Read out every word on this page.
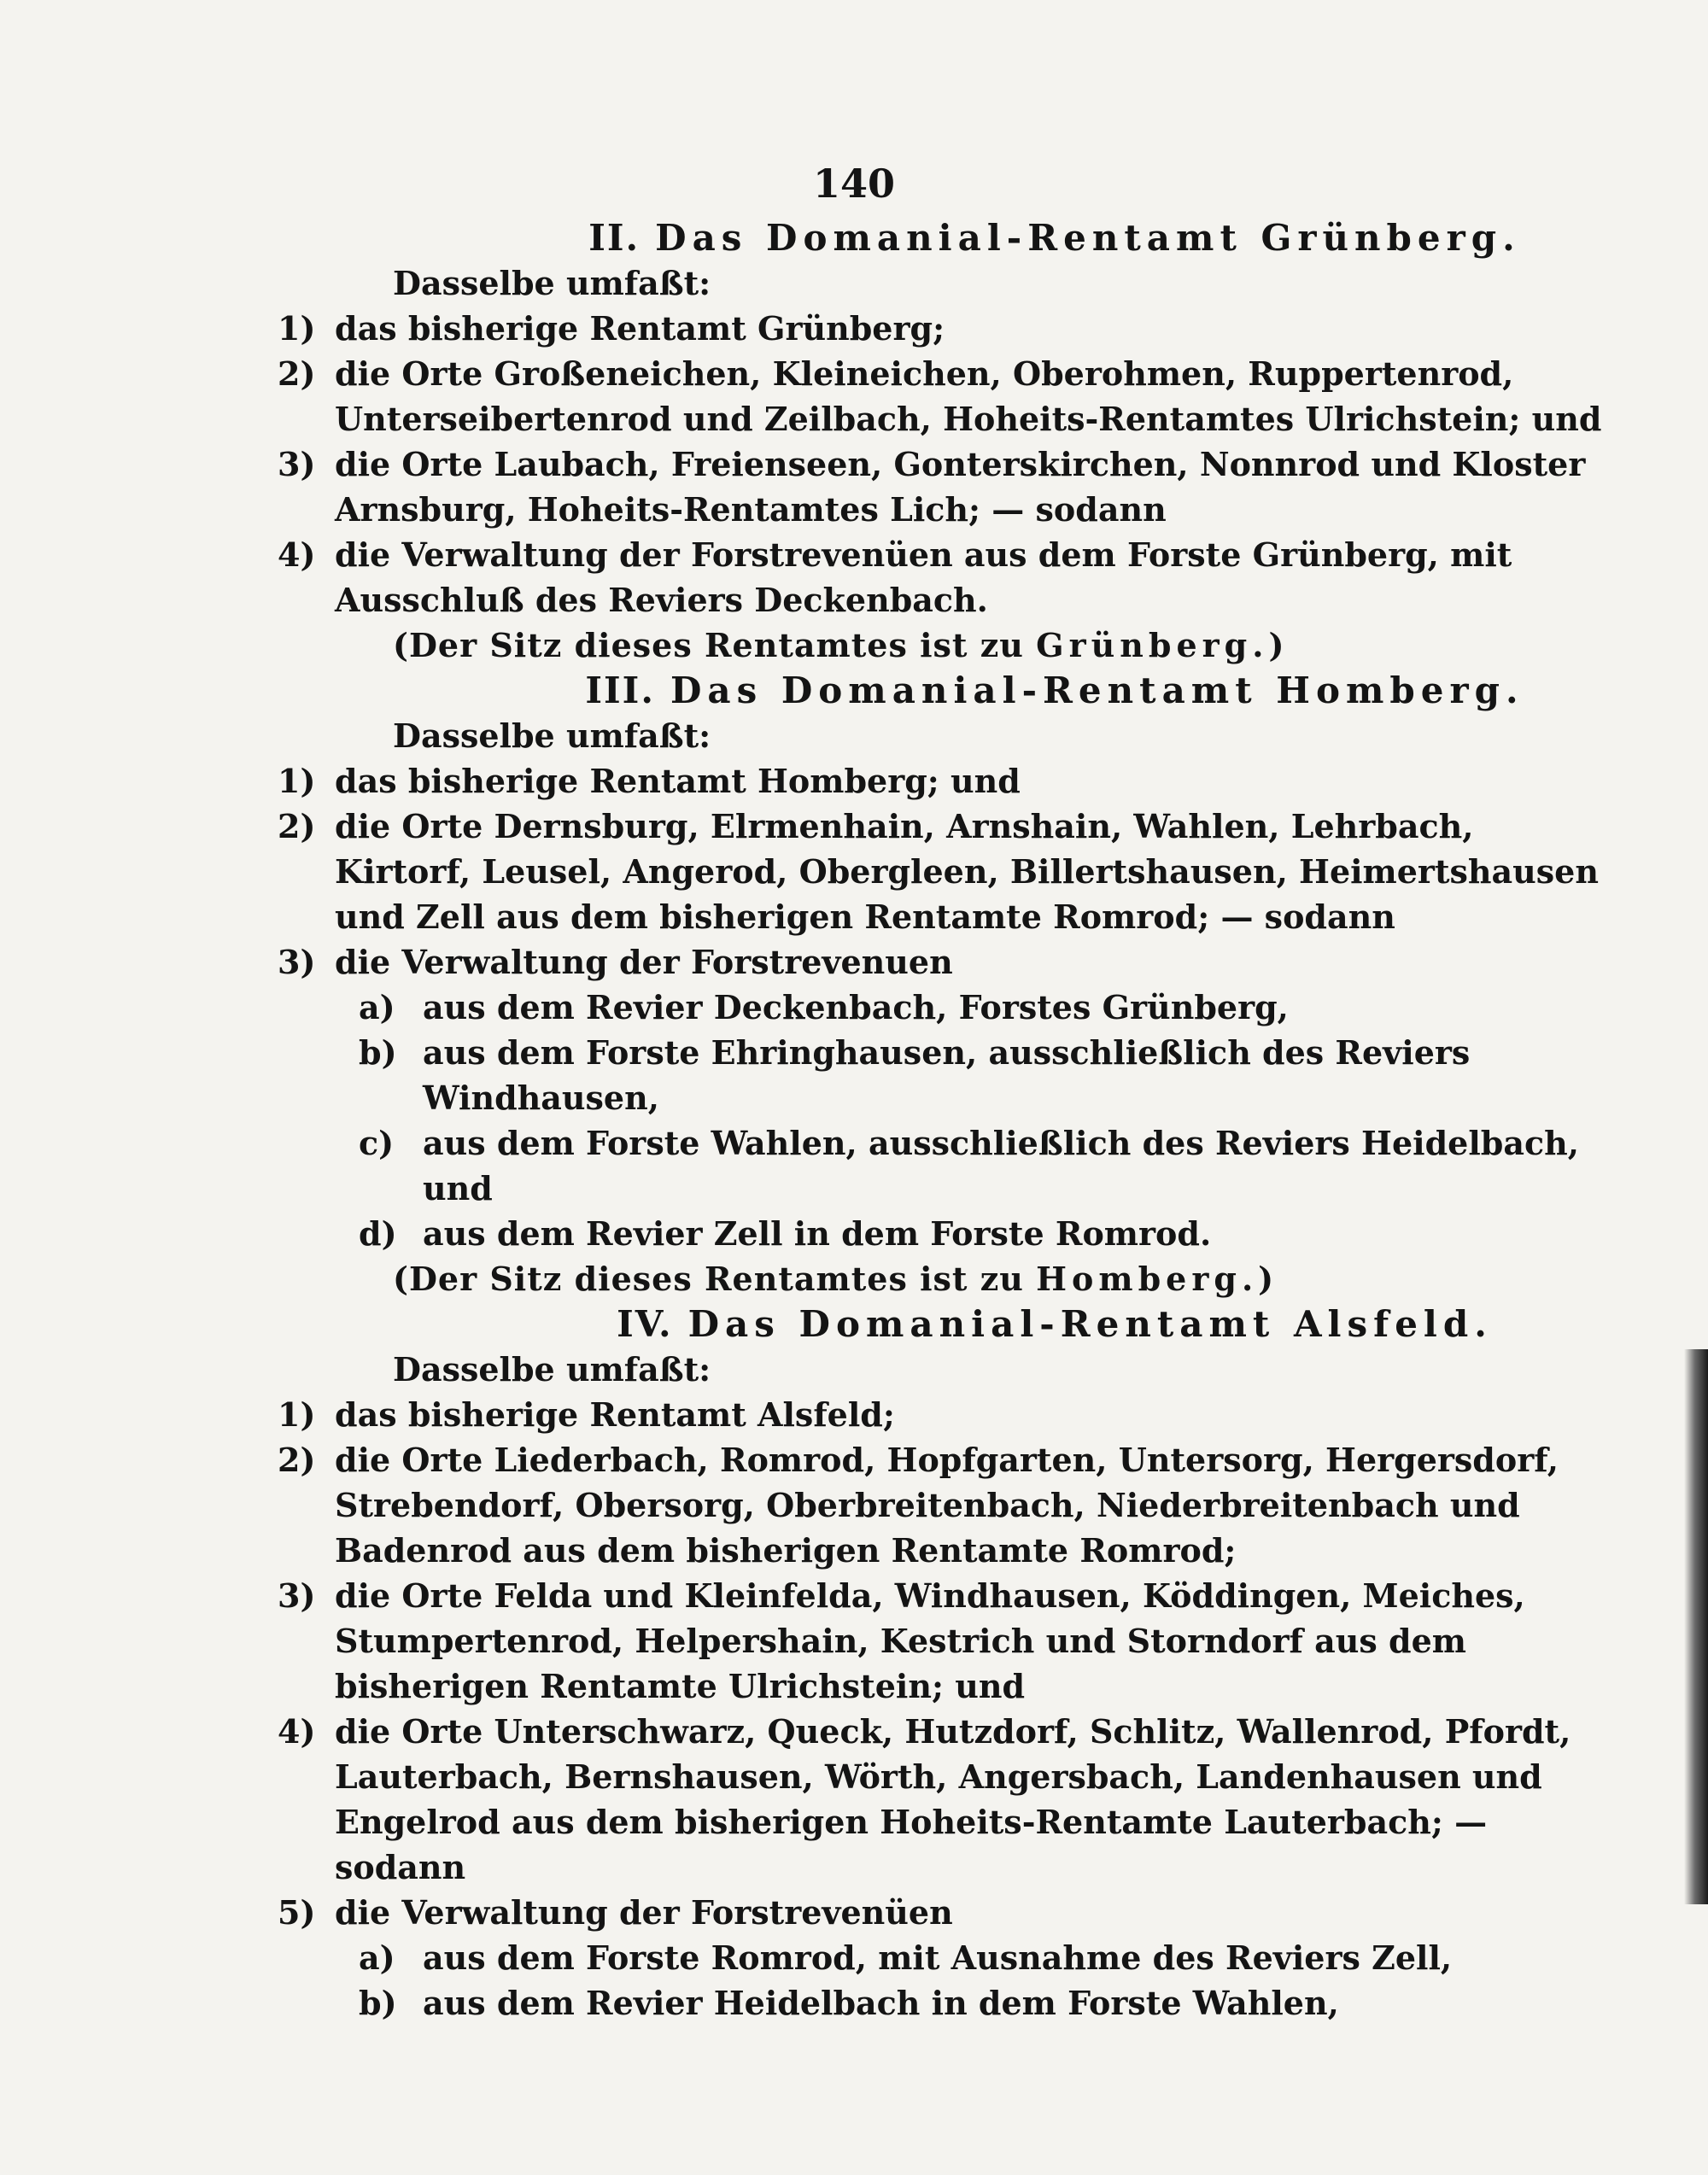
140
II. Das Domanial-Rentamt Grünberg.
Dasselbe umfaßt:
1) das bisherige Rentamt Grünberg;
2) die Orte Großeneichen, Kleineichen, Oberohmen, Ruppertenrod, Unterseibertenrod und Zeilbach, Hoheits-Rentamtes Ulrichstein; und
3) die Orte Laubach, Freienseen, Gonterskirchen, Nonnrod und Kloster Arnsburg, Hoheits-Rentamtes Lich; — sodann
4) die Verwaltung der Forstrevenüen aus dem Forste Grünberg, mit Ausschluß des Reviers Deckenbach.
(Der Sitz dieses Rentamtes ist zu Grünberg.)
III. Das Domanial-Rentamt Homberg.
Dasselbe umfaßt:
1) das bisherige Rentamt Homberg; und
2) die Orte Dernsburg, Elrmenhain, Arnshain, Wahlen, Lehrbach, Kirtorf, Leusel, Angerod, Obergleen, Billertshausen, Heimertshausen und Zell aus dem bisherigen Rentamte Romrod; — sodann
3) die Verwaltung der Forstrevenuen
a) aus dem Revier Deckenbach, Forstes Grünberg,
b) aus dem Forste Ehringhausen, ausschließlich des Reviers Windhausen,
c) aus dem Forste Wahlen, ausschließlich des Reviers Heidelbach, und
d) aus dem Revier Zell in dem Forste Romrod.
(Der Sitz dieses Rentamtes ist zu Homberg.)
IV. Das Domanial-Rentamt Alsfeld.
Dasselbe umfaßt:
1) das bisherige Rentamt Alsfeld;
2) die Orte Liederbach, Romrod, Hopfgarten, Untersorg, Hergersdorf, Strebendorf, Obersorg, Oberbreitenbach, Niederbreitenbach und Badenrod aus dem bisherigen Rentamte Romrod;
3) die Orte Felda und Kleinfelda, Windhausen, Köddingen, Meiches, Stumpertenrod, Helpershain, Kestrich und Storndorf aus dem bisherigen Rentamte Ulrichstein; und
4) die Orte Unterschwarz, Queck, Hutzdorf, Schlitz, Wallenrod, Pfordt, Lauterbach, Bernshausen, Wörth, Angersbach, Landenhausen und Engelrod aus dem bisherigen Hoheits-Rentamte Lauterbach; — sodann
5) die Verwaltung der Forstrevenüen
a) aus dem Forste Romrod, mit Ausnahme des Reviers Zell,
b) aus dem Revier Heidelbach in dem Forste Wahlen,
